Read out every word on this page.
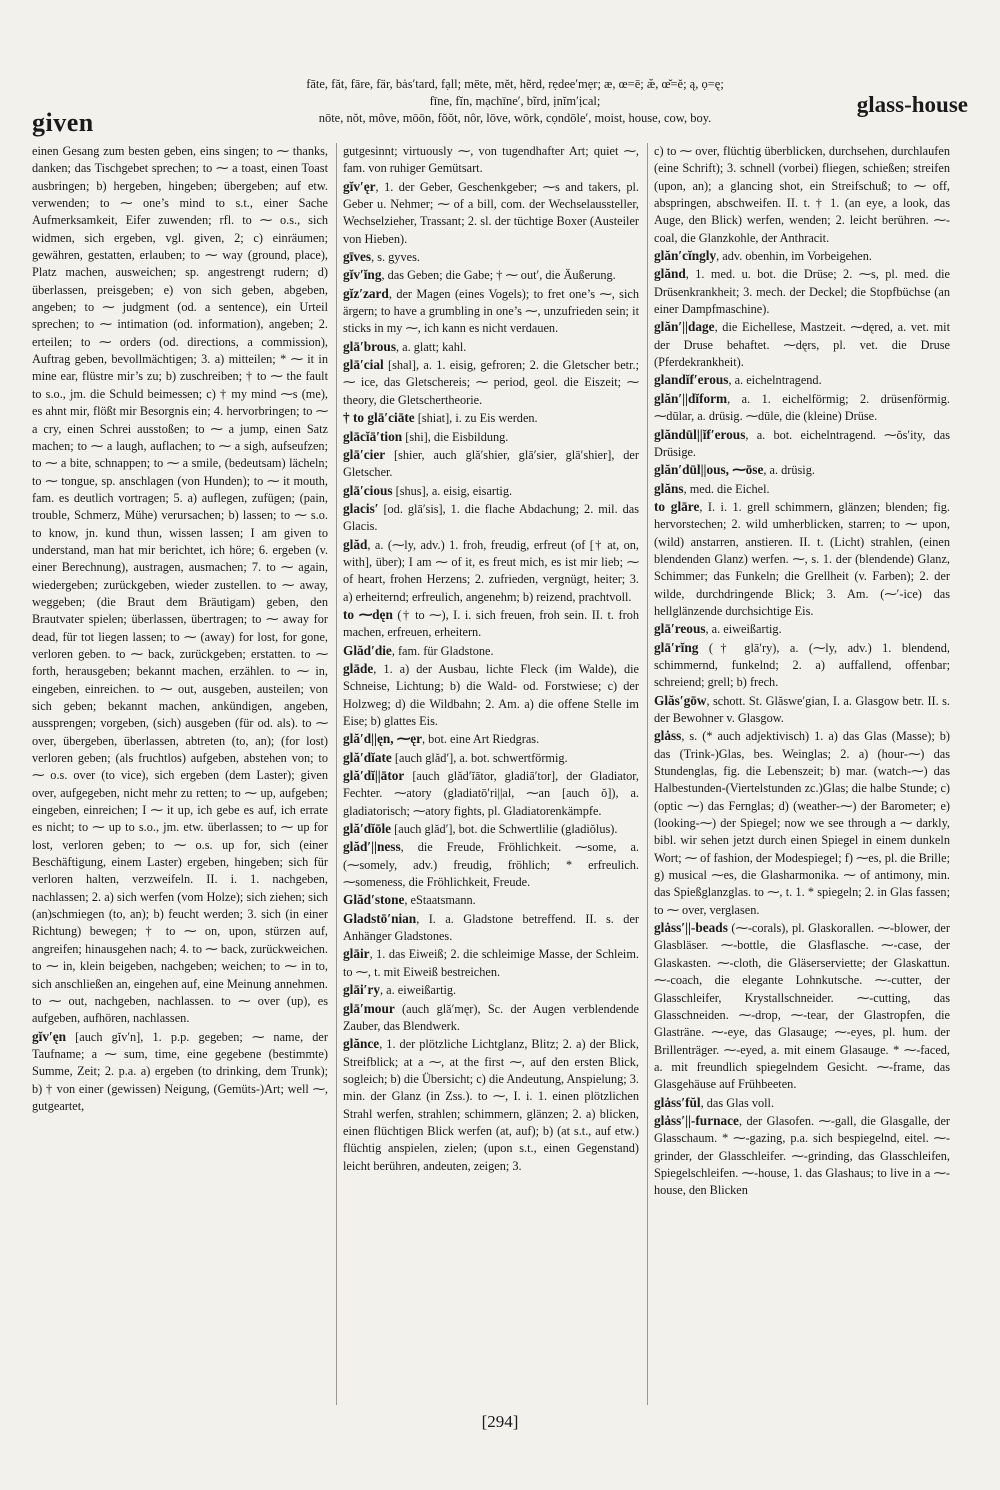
given
fāte, făt, fāre, fär, bȧs′tard, fạll; mēte, mĕt, hẽrd, rẹdee′mẹr; æ, œ=ē; æ̆, œ̆=ĕ; ą, ọ=ę;
fīne, fĭn, mạchīne′, bĩrd, ịnĭm′ịcal;
nōte, nŏt, môve, mōōn, fŏŏt, nôr, lōve, wōrk, cọndōle′, moist, house, cow, boy.
glass-house

einen Gesang zum besten geben, eins singen; to ⁓ thanks, danken; das Tischgebet sprechen; to ⁓ a toast, einen Toast ausbringen; b) hergeben, hingeben; übergeben; auf etw. verwenden; to ⁓ one’s mind to s.t., einer Sache Aufmerksamkeit, Eifer zuwenden; rfl. to ⁓ o.s., sich widmen, sich ergeben, vgl. given, 2; c) einräumen; gewähren, gestatten, erlauben; to ⁓ way (ground, place), Platz machen, ausweichen; sp. angestrengt rudern; d) überlassen, preisgeben; e) von sich geben, abgeben, angeben; to ⁓ judgment (od. a sentence), ein Urteil sprechen; to ⁓ intimation (od. information), angeben; 2. erteilen; to ⁓ orders (od. directions, a commission), Auftrag geben, bevollmächtigen; 3. a) mitteilen; * ⁓ it in mine ear, flüstre mir’s zu; b) zuschreiben; † to ⁓ the fault to s.o., jm. die Schuld beimessen; c) † my mind ⁓s (me), es ahnt mir, flößt mir Besorgnis ein; 4. hervorbringen; to ⁓ a cry, einen Schrei ausstoßen; to ⁓ a jump, einen Satz machen; to ⁓ a laugh, auflachen; to ⁓ a sigh, aufseufzen; to ⁓ a bite, schnappen; to ⁓ a smile, (bedeutsam) lächeln; to ⁓ tongue, sp. anschlagen (von Hunden); to ⁓ it mouth, fam. es deutlich vortragen; 5. a) auflegen, zufügen; (pain, trouble, Schmerz, Mühe) verursachen; b) lassen; to ⁓ s.o. to know, jn. kund thun, wissen lassen; I am given to understand, man hat mir berichtet, ich höre; 6. ergeben (v. einer Berechnung), austragen, ausmachen; 7. to ⁓ again, wiedergeben; zurückgeben, wieder zustellen. to ⁓ away, weggeben; (die Braut dem Bräutigam) geben, den Brautvater spielen; überlassen, übertragen; to ⁓ away for dead, für tot liegen lassen; to ⁓ (away) for lost, for gone, verloren geben. to ⁓ back, zurückgeben; erstatten. to ⁓ forth, herausgeben; bekannt machen, erzählen. to ⁓ in, eingeben, einreichen. to ⁓ out, ausgeben, austeilen; von sich geben; bekannt machen, ankündigen, angeben, aussprengen; vorgeben, (sich) ausgeben (für od. als). to ⁓ over, übergeben, überlassen, abtreten (to, an); (for lost) verloren geben; (als fruchtlos) aufgeben, abstehen von; to ⁓ o.s. over (to vice), sich ergeben (dem Laster); given over, aufgegeben, nicht mehr zu retten; to ⁓ up, aufgeben; eingeben, einreichen; I ⁓ it up, ich gebe es auf, ich errate es nicht; to ⁓ up to s.o., jm. etw. überlassen; to ⁓ up for lost, verloren geben; to ⁓ o.s. up for, sich (einer Beschäftigung, einem Laster) ergeben, hingeben; sich für verloren halten, verzweifeln. II. i. 1. nachgeben, nachlassen; 2. a) sich werfen (vom Holze); sich ziehen; sich (an)schmiegen (to, an); b) feucht werden; 3. sich (in einer Richtung) bewegen; † to ⁓ on, upon, stürzen auf, angreifen; hinausgehen nach; 4. to ⁓ back, zurückweichen. to ⁓ in, klein beigeben, nachgeben; weichen; to ⁓ in to, sich anschließen an, eingehen auf, eine Meinung annehmen. to ⁓ out, nachgeben, nachlassen. to ⁓ over (up), es aufgeben, aufhören, nachlassen.

gĭv′ęn [auch gĭv′n], 1. p.p. gegeben; ⁓ name, der Taufname; a ⁓ sum, time, eine gegebene (bestimmte) Summe, Zeit; 2. p.a. a) ergeben (to drinking, dem Trunk); b) † von einer (gewissen) Neigung, (Gemüts-)Art; well ⁓, gutgeartet,

gutgesinnt; virtuously ⁓, von tugendhafter Art; quiet ⁓, fam. von ruhiger Gemütsart.

gĭv′ęr, 1. der Geber, Geschenkgeber; ⁓s and takers, pl. Geber u. Nehmer; ⁓ of a bill, com. der Wechselaussteller, Wechselzieher, Trassant; 2. sl. der tüchtige Boxer (Austeiler von Hieben).

gīves, s. gyves.

gĭv′ĭng, das Geben; die Gabe; † ⁓ out′, die Äußerung.

gĭz′zard, der Magen (eines Vogels); to fret one’s ⁓, sich ärgern; to have a grumbling in one’s ⁓, unzufrieden sein; it sticks in my ⁓, ich kann es nicht verdauen.

glā′brous, a. glatt; kahl.

glā′cial [shal], a. 1. eisig, gefroren; 2. die Gletscher betr.; ⁓ ice, das Gletschereis; ⁓ period, geol. die Eiszeit; ⁓ theory, die Gletschertheorie.

† to glā′ciāte [shiat], i. zu Eis werden.

glācĭā′tion [shi], die Eisbildung.

glā′cier [shier, auch glă′shier, glā′sier, glā′shier], der Gletscher.

glā′cious [shus], a. eisig, eisartig.

glacis′ [od. glā′sis], 1. die flache Abdachung; 2. mil. das Glacis.

glăd, a. (⁓ly, adv.) 1. froh, freudig, erfreut (of [† at, on, with], über); I am ⁓ of it, es freut mich, es ist mir lieb; ⁓ of heart, frohen Herzens; 2. zufrieden, vergnügt, heiter; 3. a) erheiternd; erfreulich, angenehm; b) reizend, prachtvoll.

to ⁓dęn († to ⁓), I. i. sich freuen, froh sein. II. t. froh machen, erfreuen, erheitern.

Glăd′die, fam. für Gladstone.

glāde, 1. a) der Ausbau, lichte Fleck (im Walde), die Schneise, Lichtung; b) die Wald- od. Forstwiese; c) der Holzweg; d) die Wildbahn; 2. Am. a) die offene Stelle im Eise; b) glattes Eis.

glă′d||ęn, ⁓ęr, bot. eine Art Riedgras.

glă′dĭate [auch glăd′], a. bot. schwertförmig.

glă′dĭ||ātor [auch glăd′ĭātor, gladiā′tor], der Gladiator, Fechter. ⁓atory (gladiatō′ri||al, ⁓an [auch ŏ]), a. gladiatorisch; ⁓atory fights, pl. Gladiatorenkämpfe.

glă′dĭōle [auch glăd′], bot. die Schwertlilie (gladiŏlus).

glăd′||ness, die Freude, Fröhlichkeit. ⁓some, a. (⁓somely, adv.) freudig, fröhlich; * erfreulich. ⁓someness, die Fröhlichkeit, Freude.

Glăd′stone, eStaatsmann.

Gladstō′nian, I. a. Gladstone betreffend. II. s. der Anhänger Gladstones.

glāir, 1. das Eiweiß; 2. die schleimige Masse, der Schleim. to ⁓, t. mit Eiweiß bestreichen.

glāi′ry, a. eiweißartig.

glā′mour (auch glă′męr), Sc. der Augen verblendende Zauber, das Blendwerk.

glănce, 1. der plötzliche Lichtglanz, Blitz; 2. a) der Blick, Streifblick; at a ⁓, at the first ⁓, auf den ersten Blick, sogleich; b) die Übersicht; c) die Andeutung, Anspielung; 3. min. der Glanz (in Zss.). to ⁓, I. i. 1. einen plötzlichen Strahl werfen, strahlen; schimmern, glänzen; 2. a) blicken, einen flüchtigen Blick werfen (at, auf); b) (at s.t., auf etw.) flüchtig anspielen, zielen; (upon s.t., einen Gegenstand) leicht berühren, andeuten, zeigen; 3.

c) to ⁓ over, flüchtig überblicken, durchsehen, durchlaufen (eine Schrift); 3. schnell (vorbei) fliegen, schießen; streifen (upon, an); a glancing shot, ein Streifschuß; to ⁓ off, abspringen, abschweifen. II. t. † 1. (an eye, a look, das Auge, den Blick) werfen, wenden; 2. leicht berühren. ⁓-coal, die Glanzkohle, der Anthracit.

glăn′cĭngly, adv. obenhin, im Vorbeigehen.

glănd, 1. med. u. bot. die Drüse; 2. ⁓s, pl. med. die Drüsenkrankheit; 3. mech. der Deckel; die Stopfbüchse (an einer Dampfmaschine).

glăn′||dage, die Eichellese, Mastzeit. ⁓dęred, a. vet. mit der Druse behaftet. ⁓dęrs, pl. vet. die Druse (Pferdekrankheit).

glandĭf′erous, a. eichelntragend.

glăn′||dĭform, a. 1. eichelförmig; 2. drüsenförmig. ⁓dūlar, a. drüsig. ⁓dūle, die (kleine) Drüse.

glăndūl||ĭf′erous, a. bot. eichelntragend. ⁓ŏs′ity, das Drüsige.

glăn′dūl||ous, ⁓ōse, a. drüsig.

glăns, med. die Eichel.

to glāre, I. i. 1. grell schimmern, glänzen; blenden; fig. hervorstechen; 2. wild umherblicken, starren; to ⁓ upon, (wild) anstarren, anstieren. II. t. (Licht) strahlen, (einen blendenden Glanz) werfen. ⁓, s. 1. der (blendende) Glanz, Schimmer; das Funkeln; die Grellheit (v. Farben); 2. der wilde, durchdringende Blick; 3. Am. (⁓′-ice) das hellglänzende durchsichtige Eis.

glā′reous, a. eiweißartig.

glā′rĭng († glā′ry), a. (⁓ly, adv.) 1. blendend, schimmernd, funkelnd; 2. a) auffallend, offenbar; schreiend; grell; b) frech.

Glăs′gōw, schott. St. Glăswe′gian, I. a. Glasgow betr. II. s. der Bewohner v. Glasgow.

glȧss, s. (* auch adjektivisch) 1. a) das Glas (Masse); b) das (Trink-)Glas, bes. Weinglas; 2. a) (hour-⁓) das Stundenglas, fig. die Lebenszeit; b) mar. (watch-⁓) das Halbestunden-(Viertelstunden zc.)Glas; die halbe Stunde; c) (optic ⁓) das Fernglas; d) (weather-⁓) der Barometer; e) (looking-⁓) der Spiegel; now we see through a ⁓ darkly, bibl. wir sehen jetzt durch einen Spiegel in einem dunkeln Wort; ⁓ of fashion, der Modespiegel; f) ⁓es, pl. die Brille; g) musical ⁓es, die Glasharmonika. ⁓ of antimony, min. das Spießglanzglas. to ⁓, t. 1. * spiegeln; 2. in Glas fassen; to ⁓ over, verglasen.

glȧss′||-beads (⁓-corals), pl. Glaskorallen. ⁓-blower, der Glasbläser. ⁓-bottle, die Glasflasche. ⁓-case, der Glaskasten. ⁓-cloth, die Gläserserviette; der Glaskattun. ⁓-coach, die elegante Lohnkutsche. ⁓-cutter, der Glasschleifer, Krystallschneider. ⁓-cutting, das Glasschneiden. ⁓-drop, ⁓-tear, der Glastropfen, die Glasträne. ⁓-eye, das Glasauge; ⁓-eyes, pl. hum. der Brillenträger. ⁓-eyed, a. mit einem Glasauge. * ⁓-faced, a. mit freundlich spiegelndem Gesicht. ⁓-frame, das Glasgehäuse auf Frühbeeten.

glȧss′fŭl, das Glas voll.

glȧss′||-furnace, der Glasofen. ⁓-gall, die Glasgalle, der Glasschaum. * ⁓-gazing, p.a. sich bespiegelnd, eitel. ⁓-grinder, der Glasschleifer. ⁓-grinding, das Glasschleifen, Spiegelschleifen. ⁓-house, 1. das Glashaus; to live in a ⁓-house, den Blicken

[294]
